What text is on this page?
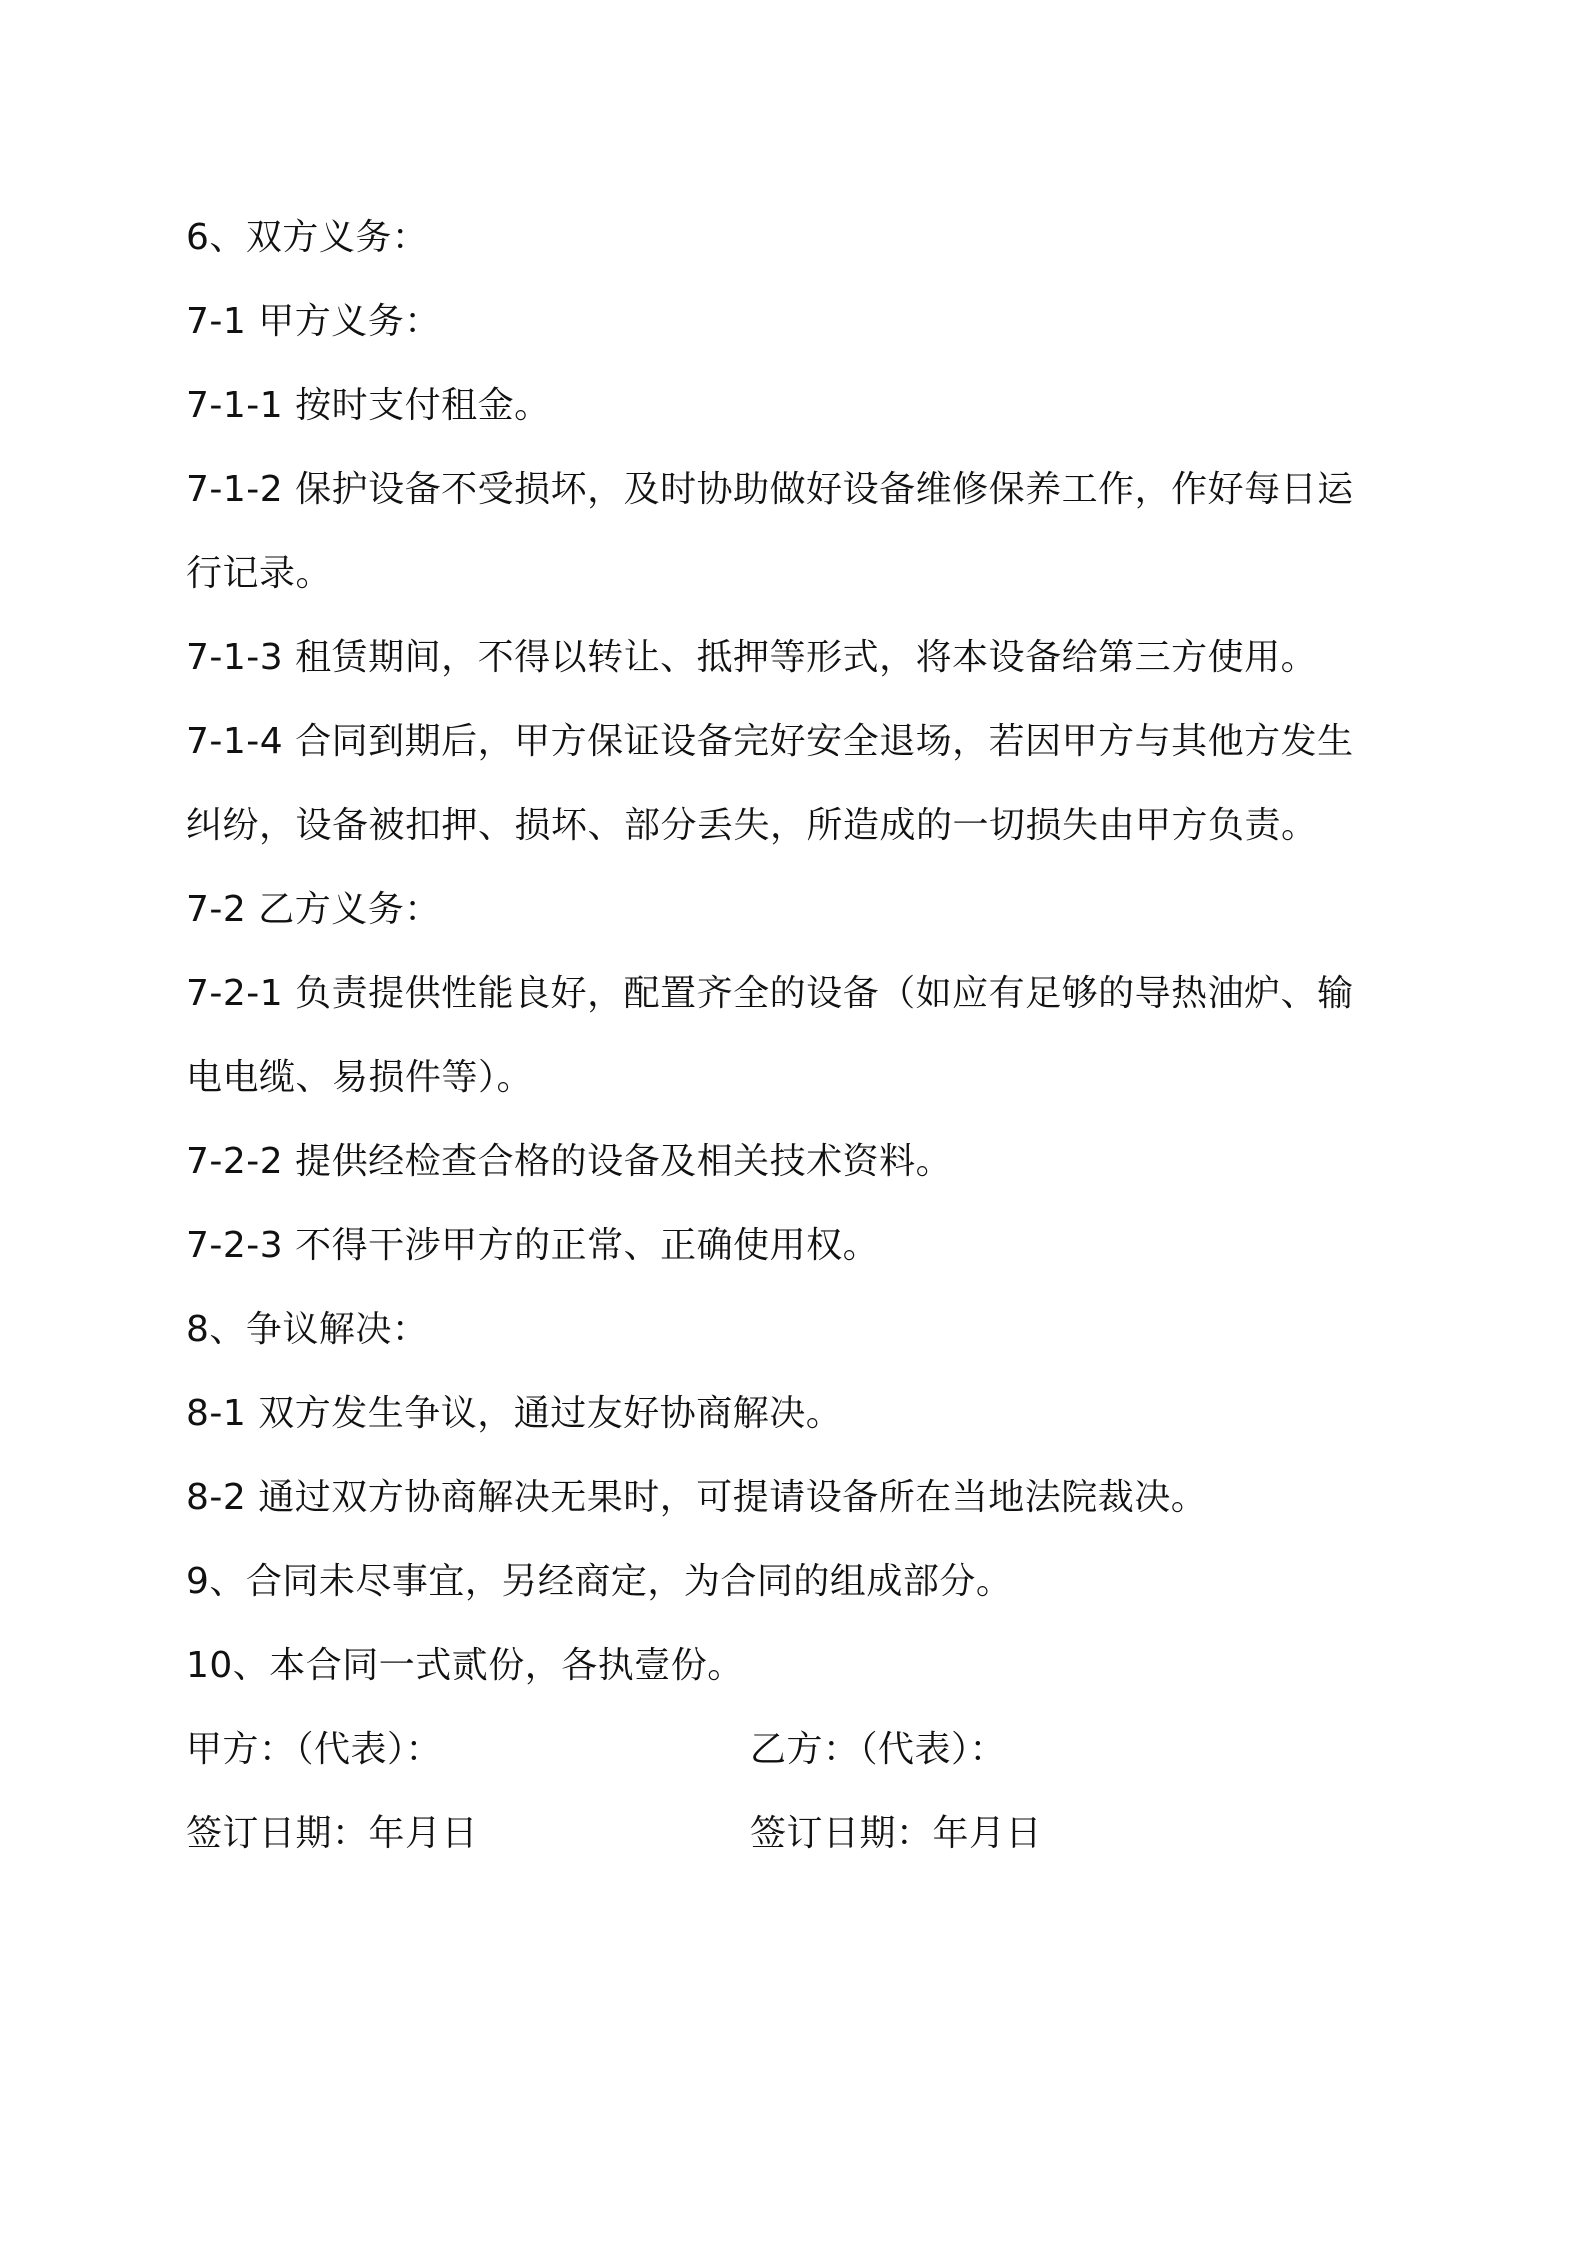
6、双方义务：
7-1 甲方义务：
7-1-1 按时支付租金。
7-1-2 保护设备不受损坏，及时协助做好设备维修保养工作，作好每日运
行记录。
7-1-3 租赁期间，不得以转让、抵押等形式，将本设备给第三方使用。
7-1-4 合同到期后，甲方保证设备完好安全退场，若因甲方与其他方发生
纠纷，设备被扣押、损坏、部分丢失，所造成的一切损失由甲方负责。
7-2 乙方义务：
7-2-1 负责提供性能良好，配置齐全的设备（如应有足够的导热油炉、输
电电缆、易损件等）。
7-2-2 提供经检查合格的设备及相关技术资料。
7-2-3 不得干涉甲方的正常、正确使用权。
8、争议解决：
8-1 双方发生争议，通过友好协商解决。
8-2 通过双方协商解决无果时，可提请设备所在当地法院裁决。
9、合同未尽事宜，另经商定，为合同的组成部分。
10、本合同一式贰份，各执壹份。
甲方：（代表）：	乙方：（代表）：
签订日期：年月日	签订日期：年月日
